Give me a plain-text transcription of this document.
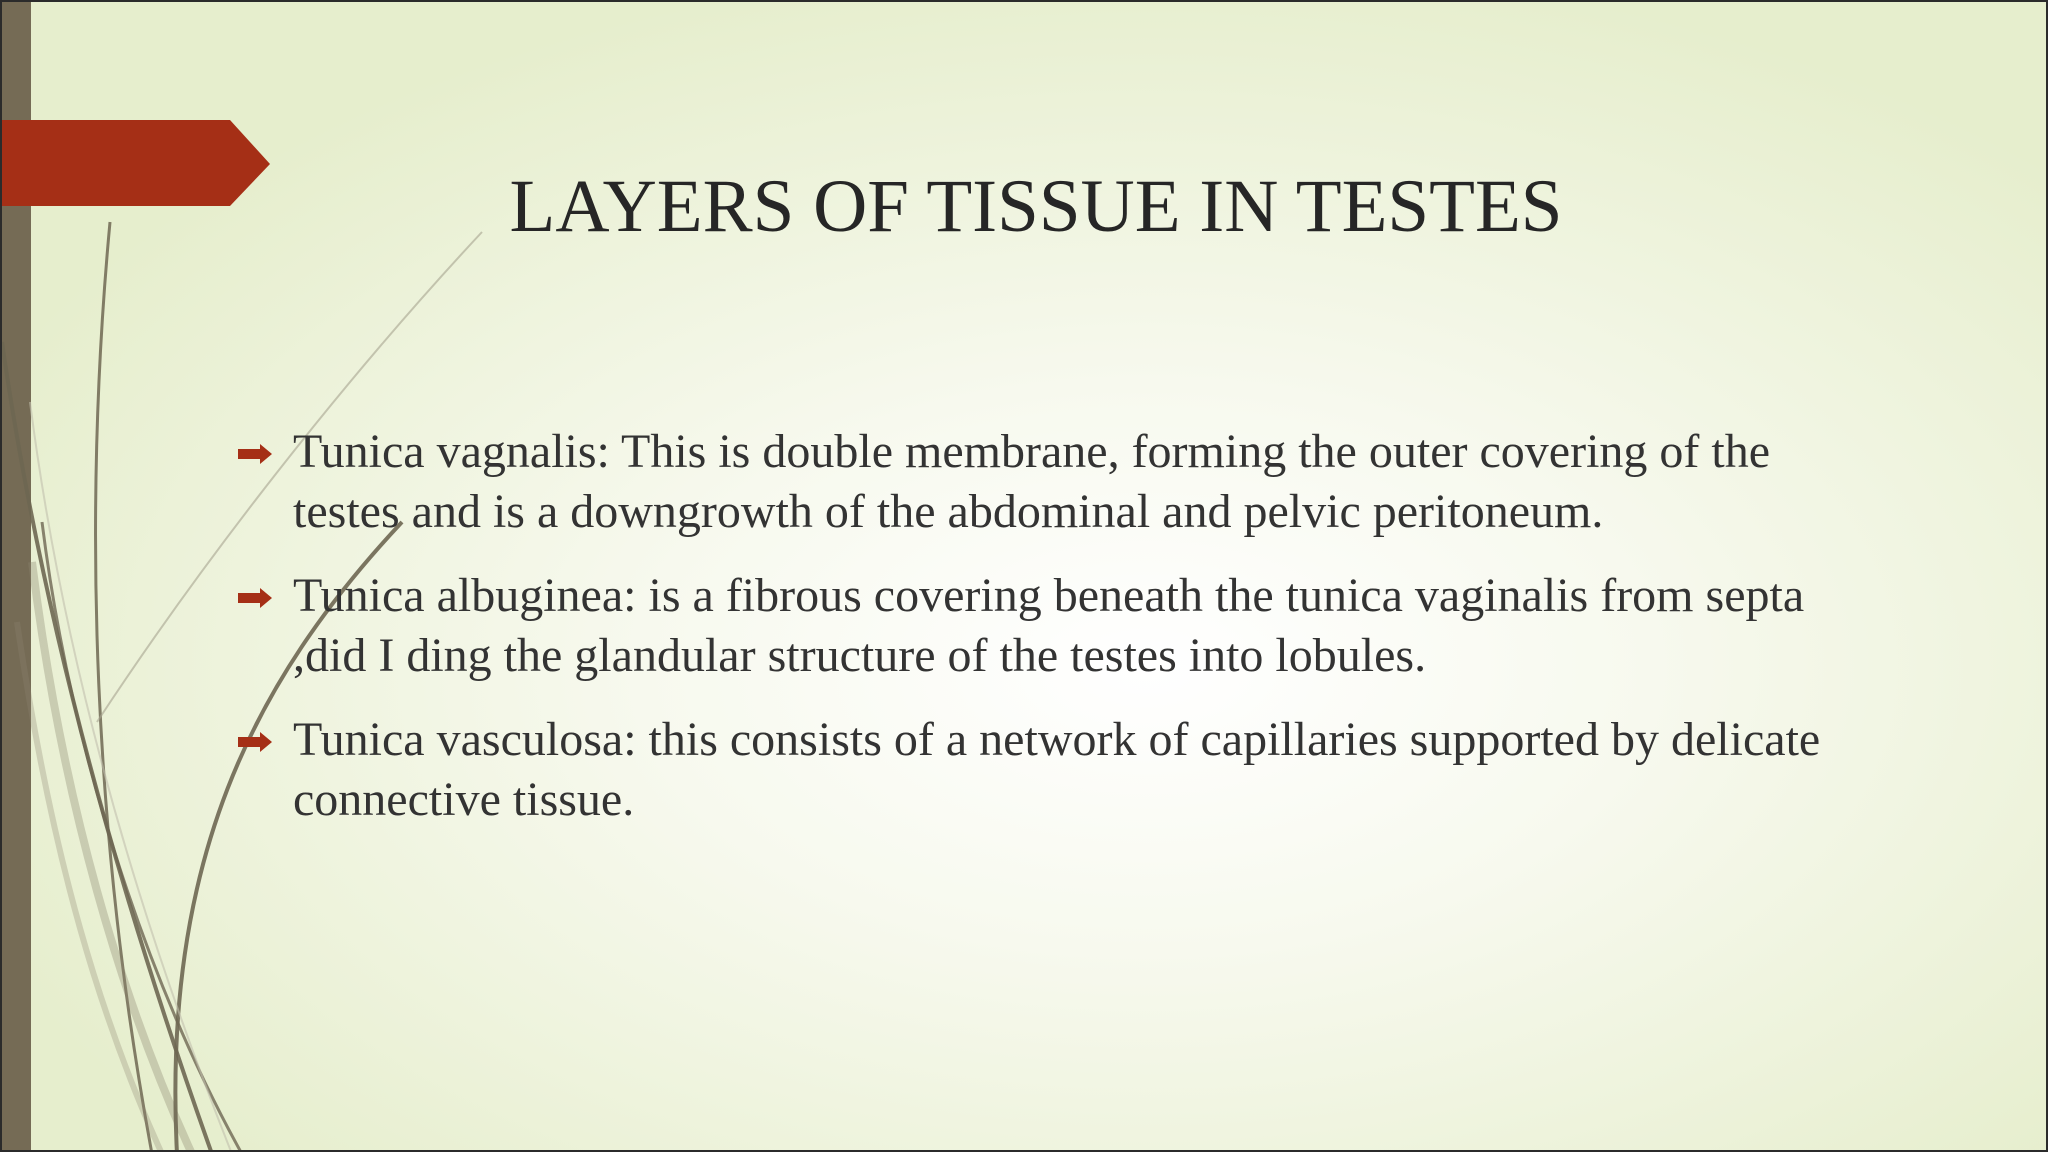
LAYERS OF TISSUE IN TESTES
Tunica vagnalis: This is double membrane, forming the outer covering of the testes and is a downgrowth of the abdominal and pelvic peritoneum.
Tunica albuginea: is a fibrous covering beneath the tunica vaginalis from septa ,did I ding the glandular structure of the testes into lobules.
Tunica vasculosa: this consists of a network of capillaries supported by delicate connective tissue.
